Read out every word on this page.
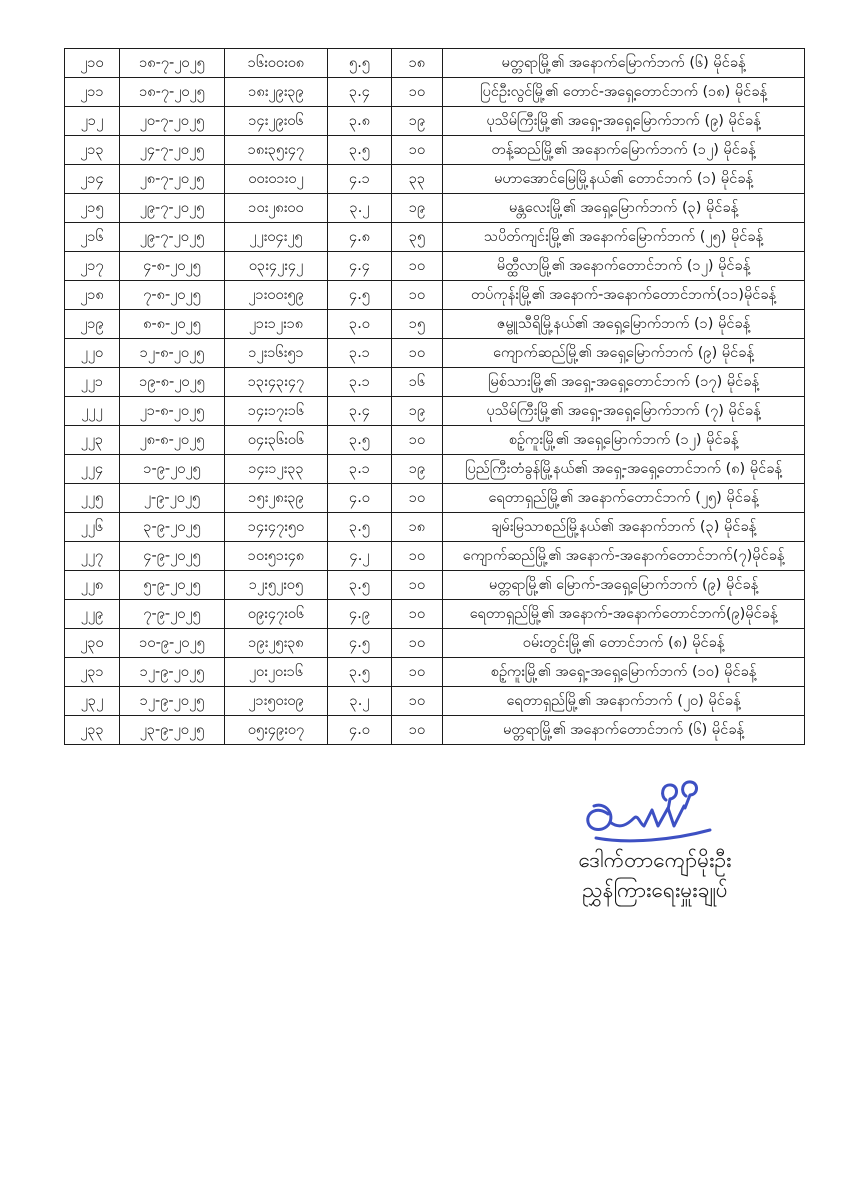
၂၁၀	၁၈-၇-၂၀၂၅	၁၆း၀၀း၀၈	၅.၅	၁၈	မတ္တရာမြို့၏ အနောက်မြောက်ဘက် (၆) မိုင်ခန့်
၂၁၁	၁၈-၇-၂၀၂၅	၁၈း၂၉း၃၉	၃.၄	၁၀	ပြင်ဦးလွင်မြို့၏ တောင်-အရှေ့တောင်ဘက် (၁၈) မိုင်ခန့်
၂၁၂	၂၀-၇-၂၀၂၅	၁၄း၂၉း၀၆	၃.၈	၁၉	ပုသိမ်ကြီးမြို့၏ အရှေ့-အရှေ့မြောက်ဘက် (၉) မိုင်ခန့်
၂၁၃	၂၄-၇-၂၀၂၅	၁၈း၃၅း၄၇	၃.၅	၁၀	တန့်ဆည်မြို့၏ အနောက်မြောက်ဘက် (၁၂) မိုင်ခန့်
၂၁၄	၂၈-၇-၂၀၂၅	၀၀း၀၁း၀၂	၄.၁	၃၃	မဟာအောင်မြေမြို့နယ်၏ တောင်ဘက် (၁) မိုင်ခန့်
၂၁၅	၂၉-၇-၂၀၂၅	၁၀း၂၈း၀၀	၃.၂	၁၉	မန္တလေးမြို့၏ အရှေ့မြောက်ဘက် (၃) မိုင်ခန့်
၂၁၆	၂၉-၇-၂၀၂၅	၂၂း၀၄း၂၅	၄.၈	၃၅	သပိတ်ကျင်းမြို့၏ အနောက်မြောက်ဘက် (၂၅) မိုင်ခန့်
၂၁၇	၄-၈-၂၀၂၅	၀၃း၄၂း၄၂	၄.၄	၁၀	မိတ္ထီလာမြို့၏ အနောက်တောင်ဘက် (၁၂) မိုင်ခန့်
၂၁၈	၇-၈-၂၀၂၅	၂၁း၀၀း၅၉	၄.၅	၁၀	တပ်ကုန်းမြို့၏ အနောက်-အနောက်တောင်ဘက်(၁၁)မိုင်ခန့်
၂၁၉	၈-၈-၂၀၂၅	၂၁း၁၂း၁၈	၃.၀	၁၅	ဇမ္ဗူသီရိမြို့နယ်၏ အရှေ့မြောက်ဘက် (၁) မိုင်ခန့်
၂၂၀	၁၂-၈-၂၀၂၅	၁၂း၁၆း၅၁	၃.၁	၁၀	ကျောက်ဆည်မြို့၏ အရှေ့မြောက်ဘက် (၉) မိုင်ခန့်
၂၂၁	၁၉-၈-၂၀၂၅	၁၃း၄၃း၄၇	၃.၁	၁၆	မြစ်သားမြို့၏ အရှေ့-အရှေ့တောင်ဘက် (၁၇) မိုင်ခန့်
၂၂၂	၂၁-၈-၂၀၂၅	၁၄း၁၇း၁၆	၃.၄	၁၉	ပုသိမ်ကြီးမြို့၏ အရှေ့-အရှေ့မြောက်ဘက် (၇) မိုင်ခန့်
၂၂၃	၂၈-၈-၂၀၂၅	၀၄း၃၆း၀၆	၃.၅	၁၀	စဉ့်ကူးမြို့၏ အရှေ့မြောက်ဘက် (၁၂) မိုင်ခန့်
၂၂၄	၁-၉-၂၀၂၅	၁၄း၁၂း၃၃	၃.၁	၁၉	ပြည်ကြီးတံခွန်မြို့နယ်၏ အရှေ့-အရှေ့တောင်ဘက် (၈) မိုင်ခန့်
၂၂၅	၂-၉-၂၀၂၅	၁၅း၂၈း၃၉	၄.၀	၁၀	ရေတာရှည်မြို့၏ အနောက်တောင်ဘက် (၂၅) မိုင်ခန့်
၂၂၆	၃-၉-၂၀၂၅	၁၄း၄၇း၅၀	၃.၅	၁၈	ချမ်းမြသာစည်မြို့နယ်၏ အနောက်ဘက် (၃) မိုင်ခန့်
၂၂၇	၄-၉-၂၀၂၅	၁၀း၅၁း၄၈	၄.၂	၁၀	ကျောက်ဆည်မြို့၏ အနောက်-အနောက်တောင်ဘက်(၇)မိုင်ခန့်
၂၂၈	၅-၉-၂၀၂၅	၁၂း၅၂း၀၅	၃.၅	၁၀	မတ္တရာမြို့၏ မြောက်-အရှေ့မြောက်ဘက် (၉) မိုင်ခန့်
၂၂၉	၇-၉-၂၀၂၅	၀၉း၄၇း၀၆	၄.၉	၁၀	ရေတာရှည်မြို့၏ အနောက်-အနောက်တောင်ဘက်(၉)မိုင်ခန့်
၂၃၀	၁၀-၉-၂၀၂၅	၁၉း၂၅း၃၈	၄.၅	၁၀	ဝမ်းတွင်းမြို့၏ တောင်ဘက် (၈) မိုင်ခန့်
၂၃၁	၁၂-၉-၂၀၂၅	၂၀း၂၀း၁၆	၃.၅	၁၀	စဉ့်ကူးမြို့၏ အရှေ့-အရှေ့မြောက်ဘက် (၁၀) မိုင်ခန့်
၂၃၂	၁၂-၉-၂၀၂၅	၂၁း၅၀း၀၉	၃.၂	၁၀	ရေတာရှည်မြို့၏ အနောက်ဘက် (၂၀) မိုင်ခန့်
၂၃၃	၂၃-၉-၂၀၂၅	၀၅း၄၉း၀၇	၄.၀	၁၀	မတ္တရာမြို့၏ အနောက်တောင်ဘက် (၆) မိုင်ခန့်
ဒေါက်တာကျော်မိုးဦး
ညွှန်ကြားရေးမှူးချုပ်
